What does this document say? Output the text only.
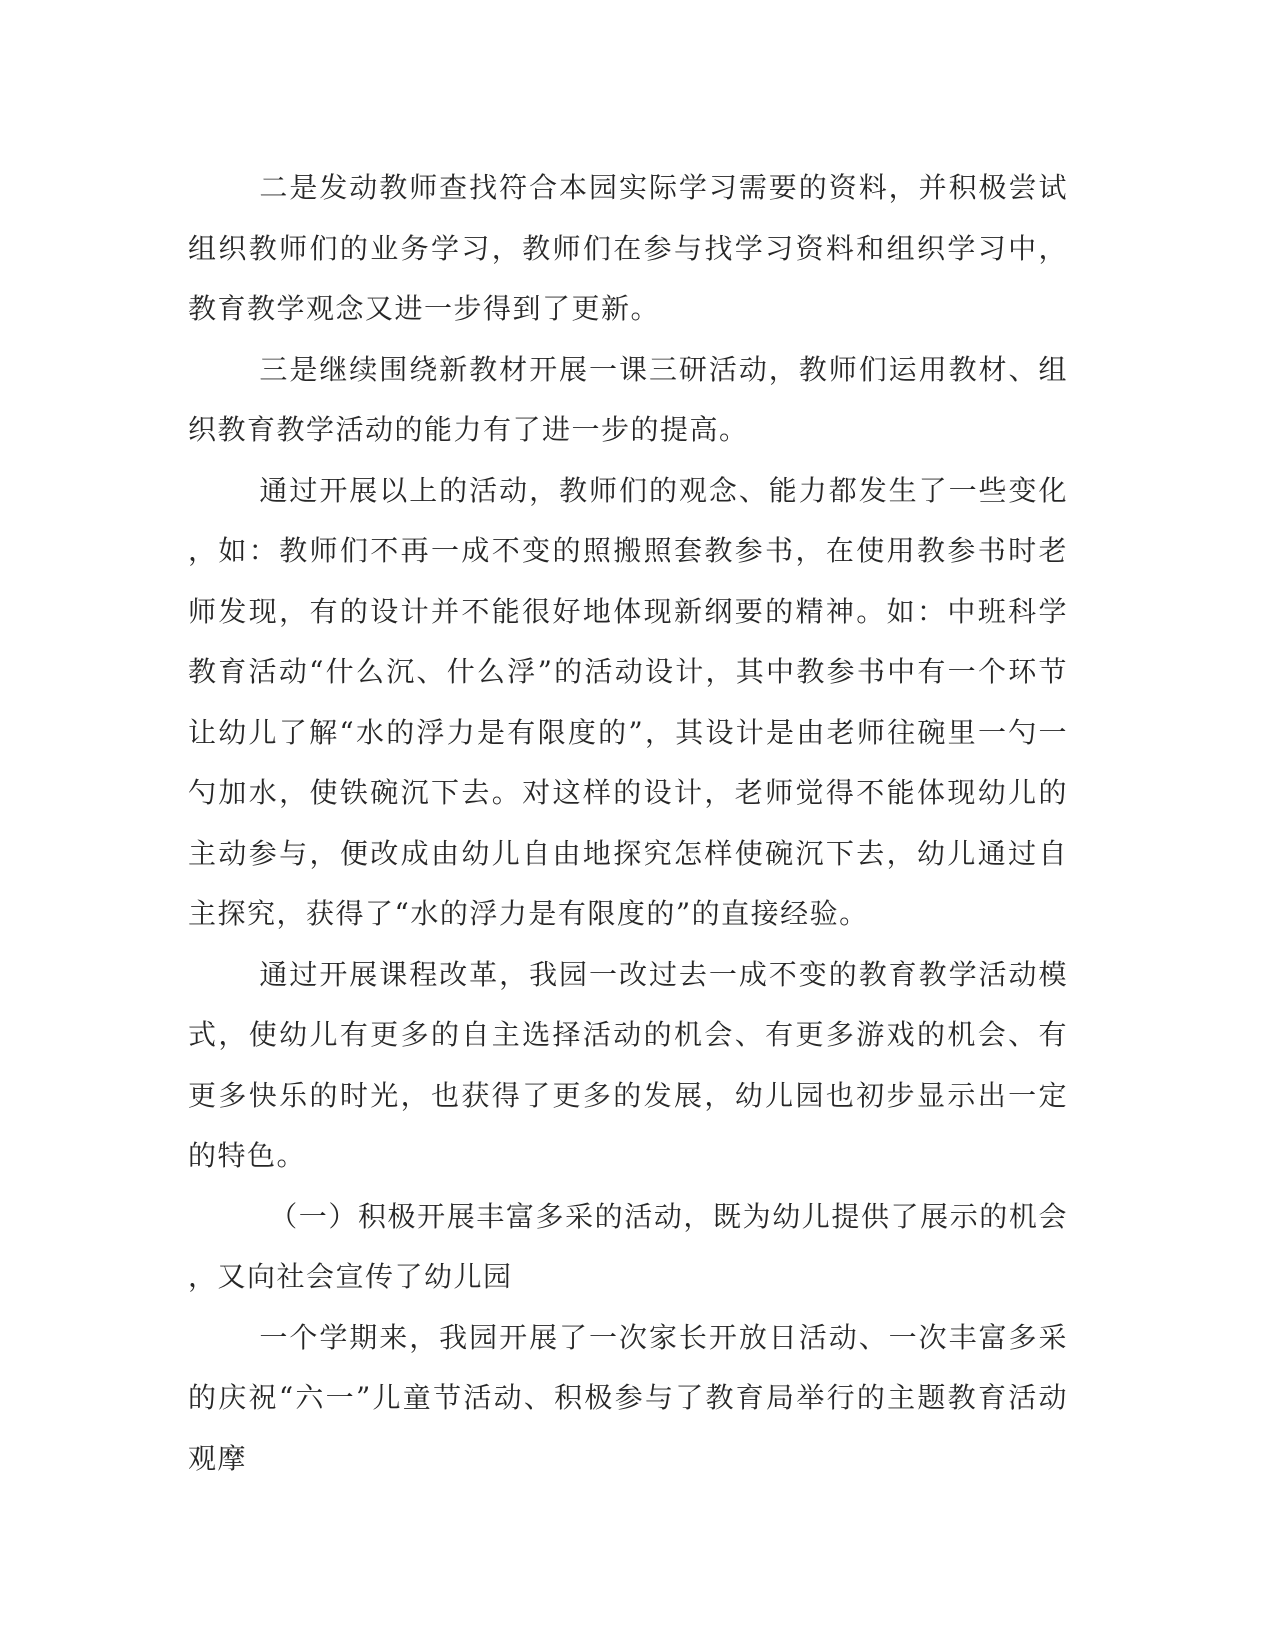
二是发动教师查找符合本园实际学习需要的资料，并积极尝试组织教师们的业务学习，教师们在参与找学习资料和组织学习中，教育教学观念又进一步得到了更新。

三是继续围绕新教材开展一课三研活动，教师们运用教材、组织教育教学活动的能力有了进一步的提高。

通过开展以上的活动，教师们的观念、能力都发生了一些变化，如：教师们不再一成不变的照搬照套教参书，在使用教参书时老师发现，有的设计并不能很好地体现新纲要的精神。如：中班科学教育活动“什么沉、什么浮”的活动设计，其中教参书中有一个环节让幼儿了解“水的浮力是有限度的”，其设计是由老师往碗里一勺一勺加水，使铁碗沉下去。对这样的设计，老师觉得不能体现幼儿的主动参与，便改成由幼儿自由地探究怎样使碗沉下去，幼儿通过自主探究，获得了“水的浮力是有限度的”的直接经验。

通过开展课程改革，我园一改过去一成不变的教育教学活动模式，使幼儿有更多的自主选择活动的机会、有更多游戏的机会、有更多快乐的时光，也获得了更多的发展，幼儿园也初步显示出一定的特色。

（一）积极开展丰富多采的活动，既为幼儿提供了展示的机会，又向社会宣传了幼儿园

一个学期来，我园开展了一次家长开放日活动、一次丰富多采的庆祝“六一”儿童节活动、积极参与了教育局举行的主题教育活动观摩
